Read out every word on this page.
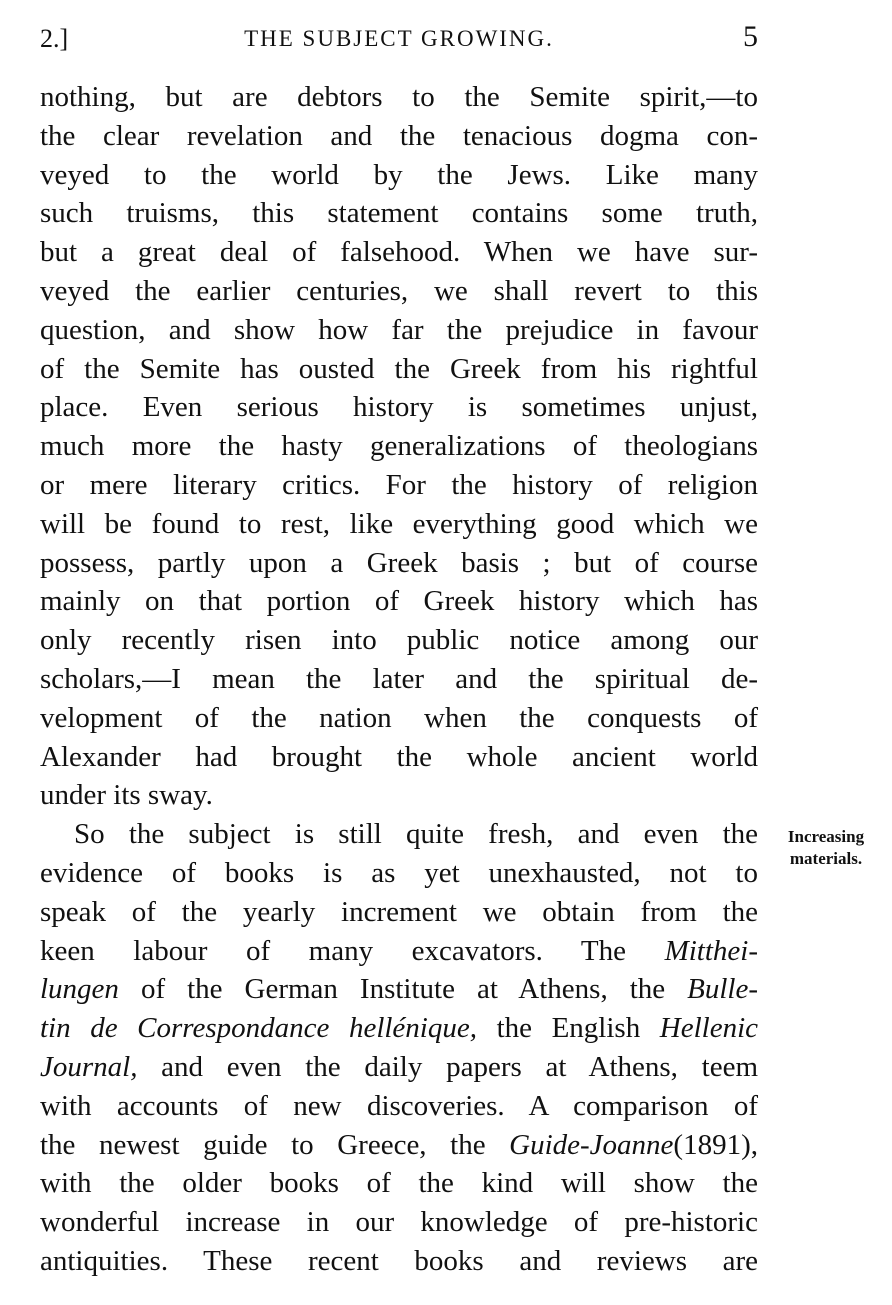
2.]	THE SUBJECT GROWING.	5
nothing, but are debtors to the Semite spirit,—to
the clear revelation and the tenacious dogma con-
veyed to the world by the Jews. Like many
such truisms, this statement contains some truth,
but a great deal of falsehood. When we have sur-
veyed the earlier centuries, we shall revert to this
question, and show how far the prejudice in favour
of the Semite has ousted the Greek from his rightful
place. Even serious history is sometimes unjust,
much more the hasty generalizations of theologians
or mere literary critics. For the history of religion
will be found to rest, like everything good which we
possess, partly upon a Greek basis ; but of course
mainly on that portion of Greek history which has
only recently risen into public notice among our
scholars,—I mean the later and the spiritual de-
velopment of the nation when the conquests of
Alexander had brought the whole ancient world
under its sway.
So the subject is still quite fresh, and even the
evidence of books is as yet unexhausted, not to
speak of the yearly increment we obtain from the
keen labour of many excavators. The Mitthei-
lungen of the German Institute at Athens, the Bulle-
tin de Correspondance hellénique, the English Hellenic
Journal, and even the daily papers at Athens, teem
with accounts of new discoveries. A comparison of
the newest guide to Greece, the Guide-Joanne(1891),
with the older books of the kind will show the
wonderful increase in our knowledge of pre-historic
antiquities. These recent books and reviews are
Increasing
materials.
